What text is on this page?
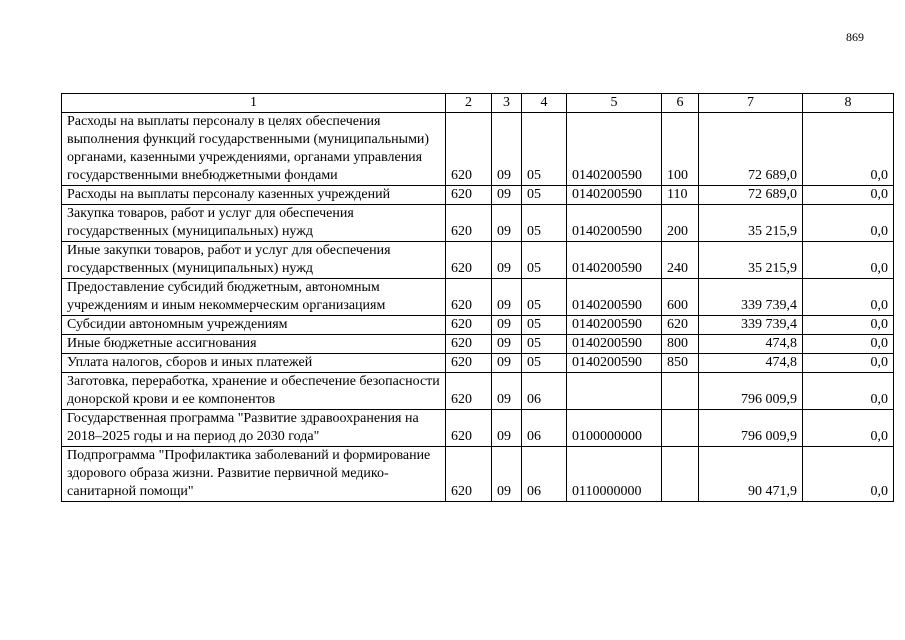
869
1	2	3	4	5	6	7	8
Расходы на выплаты персоналу в целях обеспечения выполнения функций государственными (муниципальными) органами, казенными учреждениями, органами управления государственными внебюджетными фондами	620	09	05	0140200590	100	72 689,0	0,0
Расходы на выплаты персоналу казенных учреждений	620	09	05	0140200590	110	72 689,0	0,0
Закупка товаров, работ и услуг для обеспечения государственных (муниципальных) нужд	620	09	05	0140200590	200	35 215,9	0,0
Иные закупки товаров, работ и услуг для обеспечения государственных (муниципальных) нужд	620	09	05	0140200590	240	35 215,9	0,0
Предоставление субсидий бюджетным, автономным учреждениям и иным некоммерческим организациям	620	09	05	0140200590	600	339 739,4	0,0
Субсидии автономным учреждениям	620	09	05	0140200590	620	339 739,4	0,0
Иные бюджетные ассигнования	620	09	05	0140200590	800	474,8	0,0
Уплата налогов, сборов и иных платежей	620	09	05	0140200590	850	474,8	0,0
Заготовка, переработка, хранение и обеспечение безопасности донорской крови и ее компонентов	620	09	06			796 009,9	0,0
Государственная программа "Развитие здравоохранения на 2018–2025 годы и на период до 2030 года"	620	09	06	0100000000		796 009,9	0,0
Подпрограмма "Профилактика заболеваний и формирование здорового образа жизни. Развитие первичной медико-санитарной помощи"	620	09	06	0110000000		90 471,9	0,0
